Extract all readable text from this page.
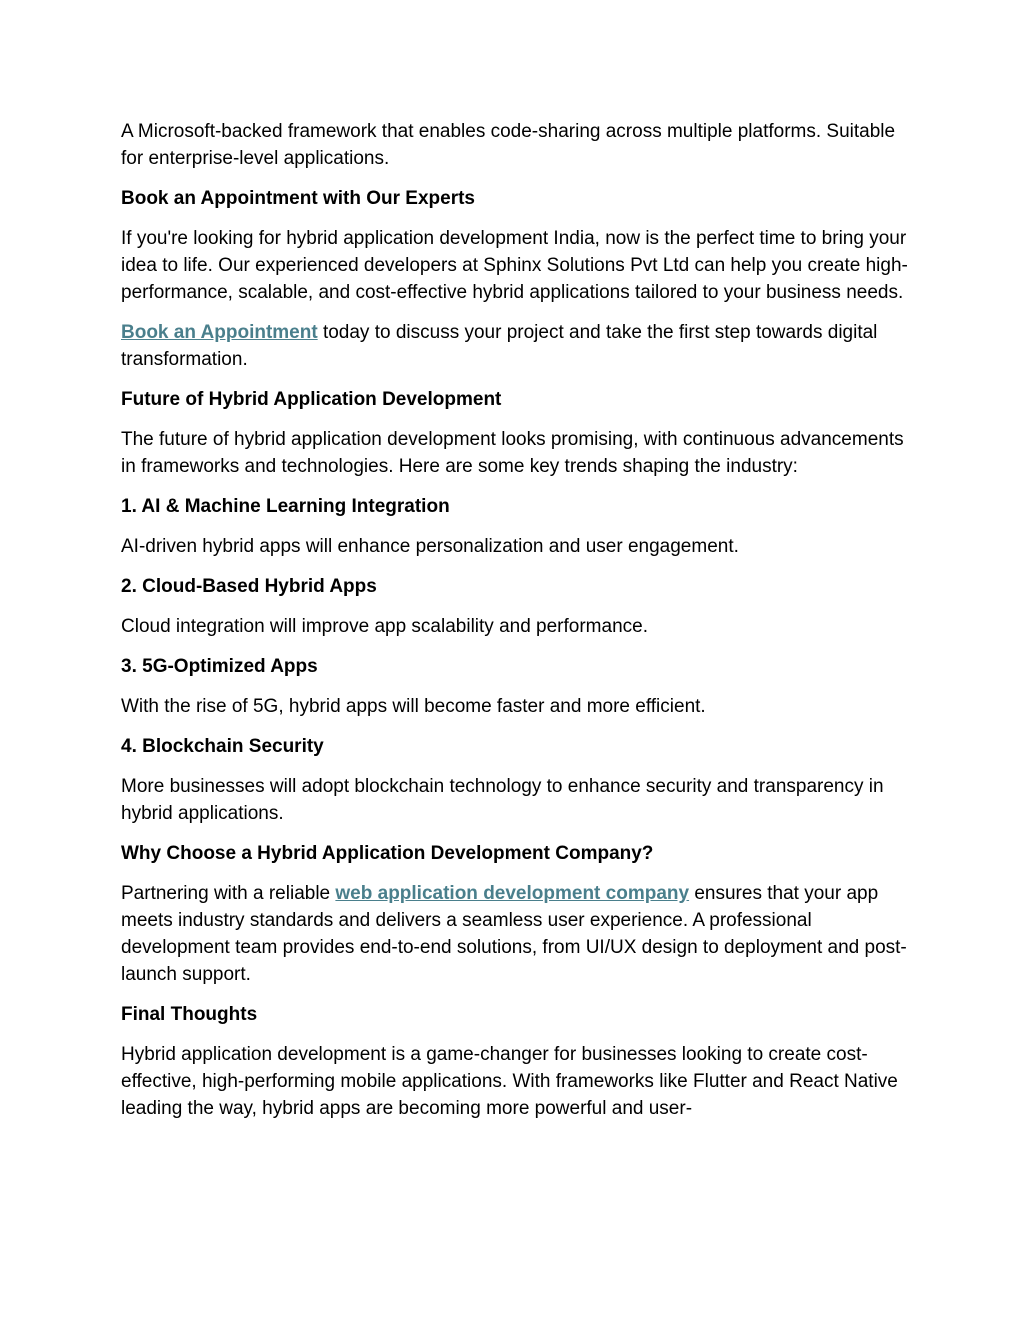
A Microsoft-backed framework that enables code-sharing across multiple platforms. Suitable for enterprise-level applications.

Book an Appointment with Our Experts

If you're looking for hybrid application development India, now is the perfect time to bring your idea to life. Our experienced developers at Sphinx Solutions Pvt Ltd can help you create high-performance, scalable, and cost-effective hybrid applications tailored to your business needs.

Book an Appointment today to discuss your project and take the first step towards digital transformation.

Future of Hybrid Application Development

The future of hybrid application development looks promising, with continuous advancements in frameworks and technologies. Here are some key trends shaping the industry:

1. AI & Machine Learning Integration

AI-driven hybrid apps will enhance personalization and user engagement.

2. Cloud-Based Hybrid Apps

Cloud integration will improve app scalability and performance.

3. 5G-Optimized Apps

With the rise of 5G, hybrid apps will become faster and more efficient.

4. Blockchain Security

More businesses will adopt blockchain technology to enhance security and transparency in hybrid applications.

Why Choose a Hybrid Application Development Company?

Partnering with a reliable web application development company ensures that your app meets industry standards and delivers a seamless user experience. A professional development team provides end-to-end solutions, from UI/UX design to deployment and post-launch support.

Final Thoughts

Hybrid application development is a game-changer for businesses looking to create cost-effective, high-performing mobile applications. With frameworks like Flutter and React Native leading the way, hybrid apps are becoming more powerful and user-
